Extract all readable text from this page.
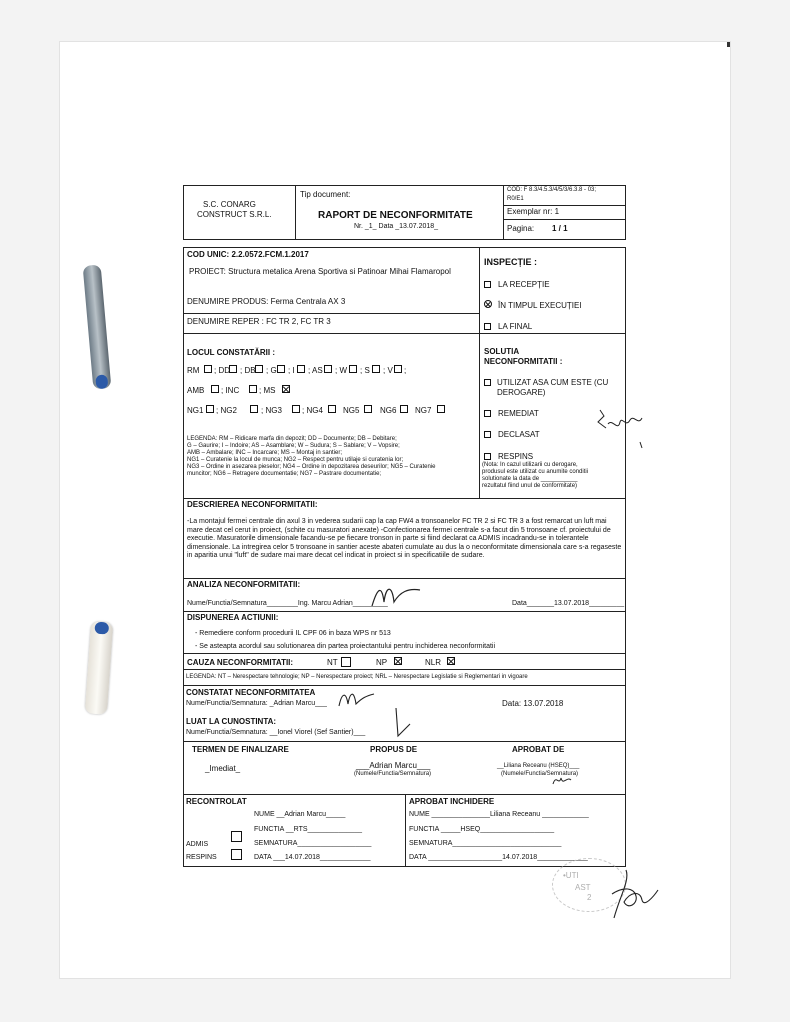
S.C. CONARG
CONSTRUCT S.R.L.
Tip document:
RAPORT DE NECONFORMITATE
Nr. _1_ Data _13.07.2018_
COD: F 8.3/4.5.3/4/5/3/6.3.8 - 03;
R0/E1
Exemplar nr: 1
Pagina: 1 / 1
COD UNIC: 2.2.0572.FCM.1.2017
PROIECT: Structura metalica Arena Sportiva si Patinoar Mihai Flamaropol
DENUMIRE PRODUS: Ferma Centrala AX 3
DENUMIRE REPER : FC TR 2, FC TR 3
INSPECȚIE :
LA RECEPȚIE
ÎN TIMPUL EXECUȚIEI
LA FINAL
LOCUL CONSTATĂRII :
RM ; DD ; DB ; G ; I ; AS ; W ; S ; V ;
AMB ; INC ; MS
NG1 ; NG2	; NG3	; NG4	NG5	NG6 NG7
LEGENDA: RM – Ridicare marfa din depozit; DD – Documente; DB – Debitare;
G – Gaurire; I – Indoire; AS – Asamblare; W – Sudura; S – Sablare; V – Vopsire;
AMB – Ambalare; INC – Incarcare; MS – Montaj in santier;
NG1 – Curatenie la locul de munca; NG2 – Respect pentru utilaje si curatenia lor;
NG3 – Ordine in asezarea pieselor; NG4 – Ordine in depozitarea deseurilor; NG5 – Curatenie
muncitor; NG6 – Retragere documentatie; NG7 – Pastrare documentatie;
SOLUTIA
NECONFORMITATII :
UTILIZAT ASA CUM ESTE (CU
DEROGARE)
REMEDIAT
DECLASAT
RESPINS
(Nota: In cazul utilizarii cu derogare,
produsul este utilizat cu anumite conditii
solutionate la data de ___________
rezultatul fiind unul de conformitate)
DESCRIEREA NECONFORMITATII:
-La montajul fermei centrale din axul 3 in vederea sudarii cap la cap FW4 a tronsoanelor FC TR 2 si FC TR 3 a fost remarcat un luft mai mare decat cel cerut in proiect, (schite cu masuratori anexate) -Confectionarea fermei centrale s-a facut din 5 tronsoane cf. proiectului de executie. Masuratorile dimensionale facandu-se pe fiecare tronson in parte si fiind declarat ca ADMIS incadrandu-se in tolerantele dimensionale. La intregirea celor 5 tronsoane in santier aceste abateri cumulate au dus la o neconformitate dimensionala care s-a regaseste in aparitia unui "luft" de sudare mai mare decat cel indicat in proiect si in specificatiile de sudare.
ANALIZA NECONFORMITATII:
Nume/Functia/Semnatura________Ing. Marcu Adrian_________	Data_______13.07.2018_________
DISPUNEREA ACTIUNII:
- Remediere conform procedurii IL CPF 06 in baza WPS nr 513
- Se asteapta acordul sau solutionarea din partea proiectantului pentru inchiderea neconformitatii
CAUZA NECONFORMITATII:	NT	NP	NLR
LEGENDA: NT – Nerespectare tehnologie; NP – Nerespectare proiect; NRL – Nerespectare Legislatie si Reglementari in vigoare
CONSTATAT NECONFORMITATEA
Nume/Functia/Semnatura: _Adrian Marcu___	Data: 13.07.2018
LUAT LA CUNOSTINTA:
Nume/Functia/Semnatura: __Ionel Viorel (Sef Santier)___
TERMEN DE FINALIZARE	PROPUS DE	APROBAT DE
_Imediat_	___Adrian Marcu___
(Numele/Functia/Semnatura)
__Liliana Receanu (HSEQ)___
(Numele/Functia/Semnatura)
RECONTROLAT
NUME __Adrian Marcu_____
FUNCTIA __RTS______________
SEMNATURA___________________
DATA ___14.07.2018_____________
ADMIS
RESPINS
APROBAT INCHIDERE
NUME _______________Liliana Receanu ____________
FUNCTIA _____HSEQ___________________
SEMNATURA____________________________
DATA ___________________14.07.2018_____________
•UTI
AST
2
